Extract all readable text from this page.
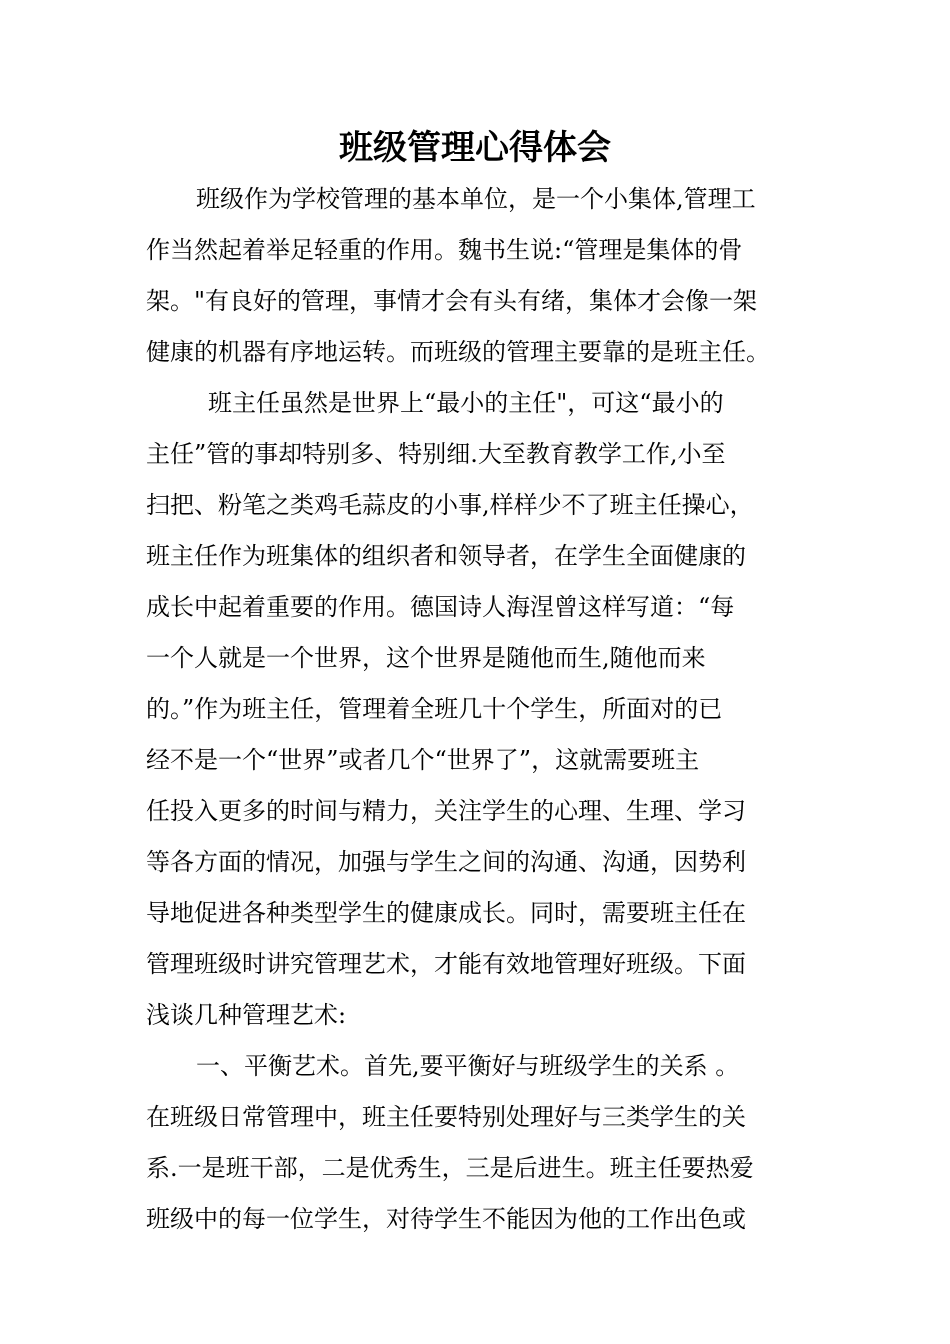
班级管理心得体会
班级作为学校管理的基本单位，是一个小集体,管理工
作当然起着举足轻重的作用。魏书生说:“管理是集体的骨
架。"有良好的管理，事情才会有头有绪，集体才会像一架
健康的机器有序地运转。而班级的管理主要靠的是班主任。
班主任虽然是世界上“最小的主任"，可这“最小的
主任”管的事却特别多、特别细.大至教育教学工作,小至
扫把、粉笔之类鸡毛蒜皮的小事,样样少不了班主任操心，
班主任作为班集体的组织者和领导者，在学生全面健康的
成长中起着重要的作用。德国诗人海涅曾这样写道：“每
一个人就是一个世界，这个世界是随他而生,随他而来
的。”作为班主任，管理着全班几十个学生，所面对的已
经不是一个“世界”或者几个“世界了”，这就需要班主
任投入更多的时间与精力，关注学生的心理、生理、学习
等各方面的情况，加强与学生之间的沟通、沟通，因势利
导地促进各种类型学生的健康成长。同时，需要班主任在
管理班级时讲究管理艺术，才能有效地管理好班级。下面
浅谈几种管理艺术:
一、平衡艺术。首先,要平衡好与班级学生的关系 。
在班级日常管理中，班主任要特别处理好与三类学生的关
系.一是班干部，二是优秀生，三是后进生。班主任要热爱
班级中的每一位学生，对待学生不能因为他的工作出色或
